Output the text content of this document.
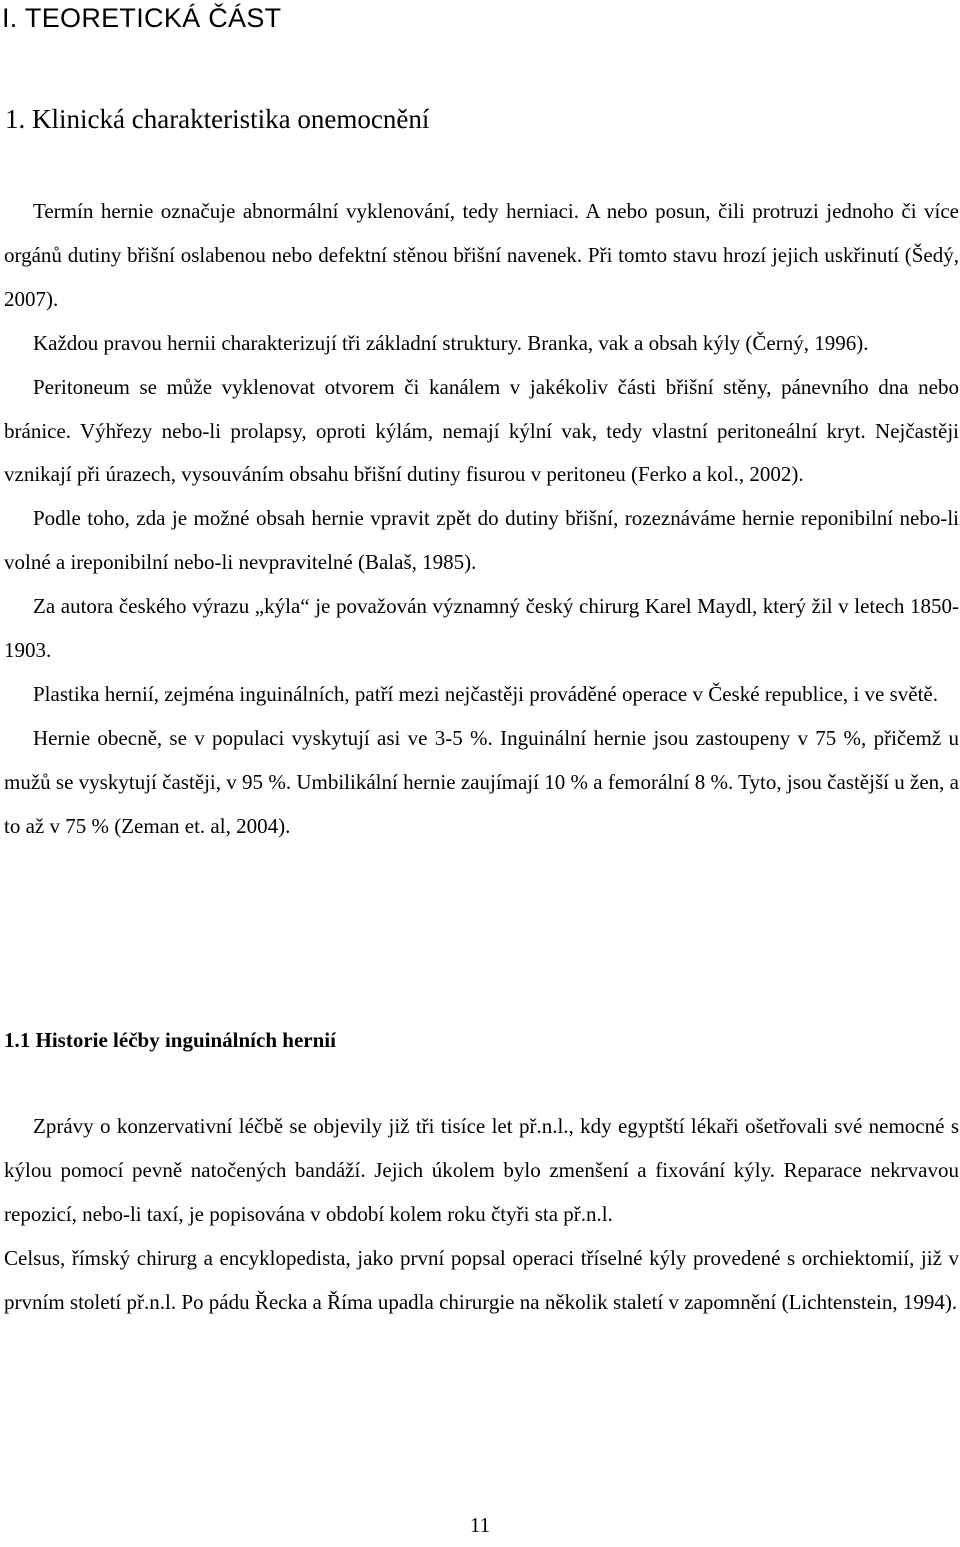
I. TEORETICKÁ ČÁST
1. Klinická charakteristika onemocnění

Termín hernie označuje abnormální vyklenování, tedy herniaci. A nebo posun, čili protruzi jednoho či více orgánů dutiny břišní oslabenou nebo defektní stěnou břišní navenek. Při tomto stavu hrozí jejich uskřinutí (Šedý, 2007).

Každou pravou hernii charakterizují tři základní struktury. Branka, vak a obsah kýly (Černý, 1996).

Peritoneum se může vyklenovat otvorem či kanálem v jakékoliv části břišní stěny, pánevního dna nebo bránice. Výhřezy nebo-li prolapsy, oproti kýlám, nemají kýlní vak, tedy vlastní peritoneální kryt. Nejčastěji vznikají při úrazech, vysouváním obsahu břišní dutiny fisurou v peritoneu (Ferko a kol., 2002).

Podle toho, zda je možné obsah hernie vpravit zpět do dutiny břišní, rozeznáváme hernie reponibilní nebo-li volné a ireponibilní nebo-li nevpravitelné (Balaš, 1985).

Za autora českého výrazu „kýla“ je považován významný český chirurg Karel Maydl, který žil v letech 1850-1903.

Plastika hernií, zejména inguinálních, patří mezi nejčastěji prováděné operace v České republice, i ve světě.

Hernie obecně, se v populaci vyskytují asi ve 3-5 %. Inguinální hernie jsou zastoupeny v 75 %, přičemž u mužů se vyskytují častěji, v 95 %. Umbilikální hernie zaujímají 10 % a femorální 8 %. Tyto, jsou častější u žen, a to až v 75 % (Zeman et. al, 2004).

1.1 Historie léčby inguinálních hernií

Zprávy o konzervativní léčbě se objevily již tři tisíce let př.n.l., kdy egyptští lékaři ošetřovali své nemocné s kýlou pomocí pevně natočených bandáží. Jejich úkolem bylo zmenšení a fixování kýly. Reparace nekrvavou repozicí, nebo-li taxí, je popisována v období kolem roku čtyři sta př.n.l.

Celsus, římský chirurg a encyklopedista, jako první popsal operaci tříselné kýly provedené s orchiektomií, již v prvním století př.n.l. Po pádu Řecka a Říma upadla chirurgie na několik staletí v zapomnění (Lichtenstein, 1994).

11
